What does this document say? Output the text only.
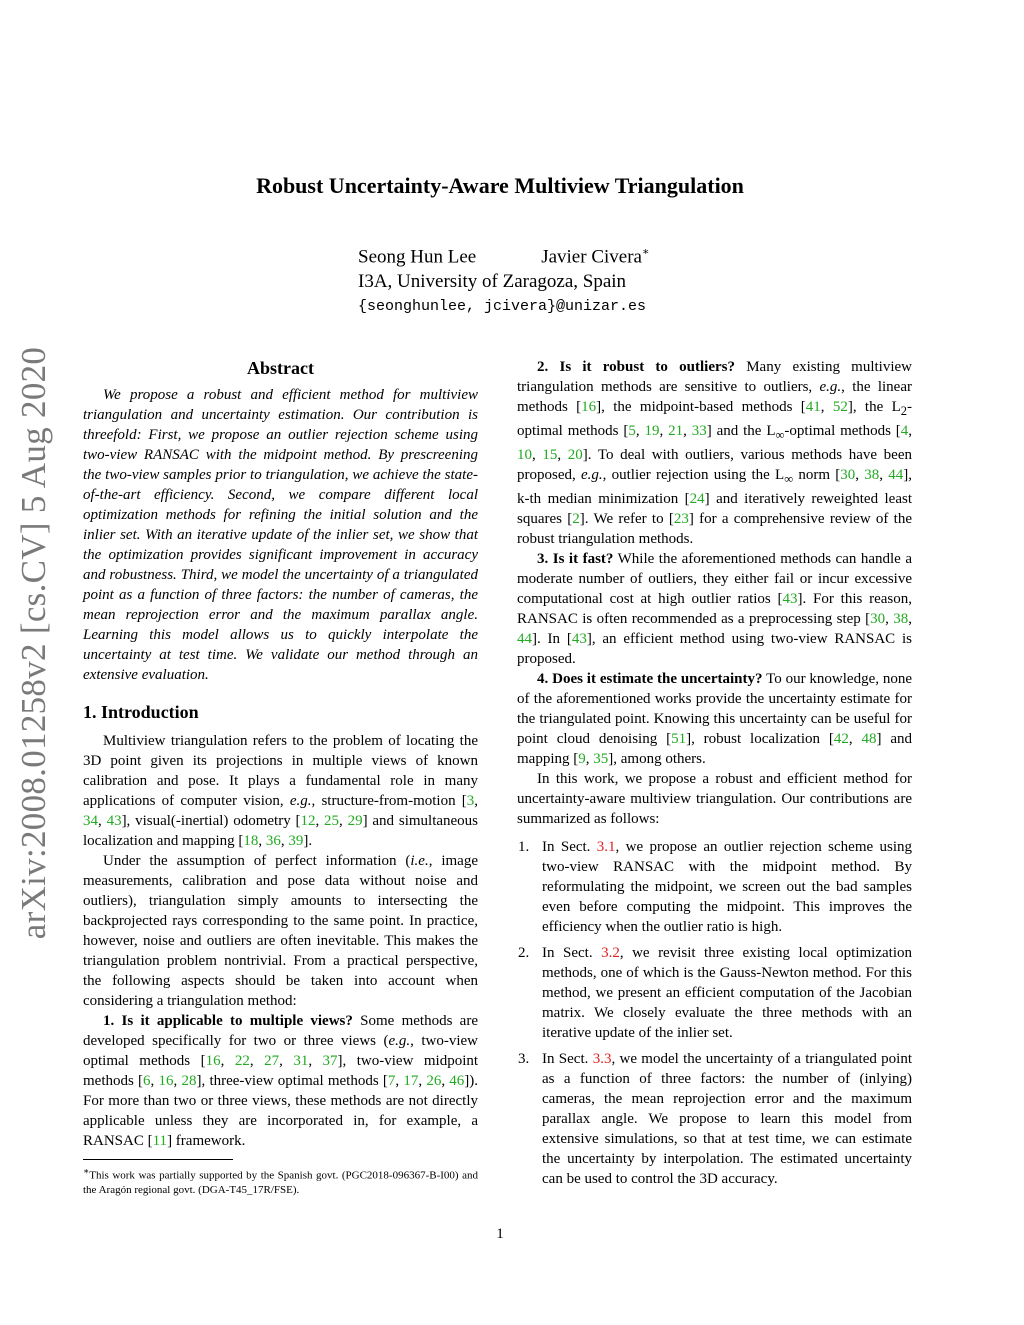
arXiv:2008.01258v2 [cs.CV] 5 Aug 2020
Robust Uncertainty-Aware Multiview Triangulation
Seong Hun Lee	Javier Civera∗
I3A, University of Zaragoza, Spain
{seonghunlee, jcivera}@unizar.es
Abstract

We propose a robust and efficient method for multiview triangulation and uncertainty estimation. Our contribution is threefold: First, we propose an outlier rejection scheme using two-view RANSAC with the midpoint method. By prescreening the two-view samples prior to triangulation, we achieve the state-of-the-art efficiency. Second, we compare different local optimization methods for refining the initial solution and the inlier set. With an iterative update of the inlier set, we show that the optimization provides significant improvement in accuracy and robustness. Third, we model the uncertainty of a triangulated point as a function of three factors: the number of cameras, the mean reprojection error and the maximum parallax angle. Learning this model allows us to quickly interpolate the uncertainty at test time. We validate our method through an extensive evaluation.

1. Introduction

Multiview triangulation refers to the problem of locating the 3D point given its projections in multiple views of known calibration and pose. It plays a fundamental role in many applications of computer vision, e.g., structure-from-motion [3, 34, 43], visual(-inertial) odometry [12, 25, 29] and simultaneous localization and mapping [18, 36, 39].

Under the assumption of perfect information (i.e., image measurements, calibration and pose data without noise and outliers), triangulation simply amounts to intersecting the backprojected rays corresponding to the same point. In practice, however, noise and outliers are often inevitable. This makes the triangulation problem nontrivial. From a practical perspective, the following aspects should be taken into account when considering a triangulation method:

1. Is it applicable to multiple views? Some methods are developed specifically for two or three views (e.g., two-view optimal methods [16, 22, 27, 31, 37], two-view midpoint methods [6, 16, 28], three-view optimal methods [7, 17, 26, 46]). For more than two or three views, these methods are not directly applicable unless they are incorporated in, for example, a RANSAC [11] framework.

∗This work was partially supported by the Spanish govt. (PGC2018-096367-B-I00) and the Aragón regional govt. (DGA-T45_17R/FSE).

2. Is it robust to outliers? Many existing multiview triangulation methods are sensitive to outliers, e.g., the linear methods [16], the midpoint-based methods [41, 52], the $L_2$-optimal methods [5, 19, 21, 33] and the $L_\infty$-optimal methods [4, 10, 15, 20]. To deal with outliers, various methods have been proposed, e.g., outlier rejection using the $L_\infty$ norm [30, 38, 44], k-th median minimization [24] and iteratively reweighted least squares [2]. We refer to [23] for a comprehensive review of the robust triangulation methods.

3. Is it fast? While the aforementioned methods can handle a moderate number of outliers, they either fail or incur excessive computational cost at high outlier ratios [43]. For this reason, RANSAC is often recommended as a preprocessing step [30, 38, 44]. In [43], an efficient method using two-view RANSAC is proposed.

4. Does it estimate the uncertainty? To our knowledge, none of the aforementioned works provide the uncertainty estimate for the triangulated point. Knowing this uncertainty can be useful for point cloud denoising [51], robust localization [42, 48] and mapping [9, 35], among others.

In this work, we propose a robust and efficient method for uncertainty-aware multiview triangulation. Our contributions are summarized as follows:

1. In Sect. 3.1, we propose an outlier rejection scheme using two-view RANSAC with the midpoint method. By reformulating the midpoint, we screen out the bad samples even before computing the midpoint. This improves the efficiency when the outlier ratio is high.
2. In Sect. 3.2, we revisit three existing local optimization methods, one of which is the Gauss-Newton method. For this method, we present an efficient computation of the Jacobian matrix. We closely evaluate the three methods with an iterative update of the inlier set.
3. In Sect. 3.3, we model the uncertainty of a triangulated point as a function of three factors: the number of (inlying) cameras, the mean reprojection error and the maximum parallax angle. We propose to learn this model from extensive simulations, so that at test time, we can estimate the uncertainty by interpolation. The estimated uncertainty can be used to control the 3D accuracy.
1
